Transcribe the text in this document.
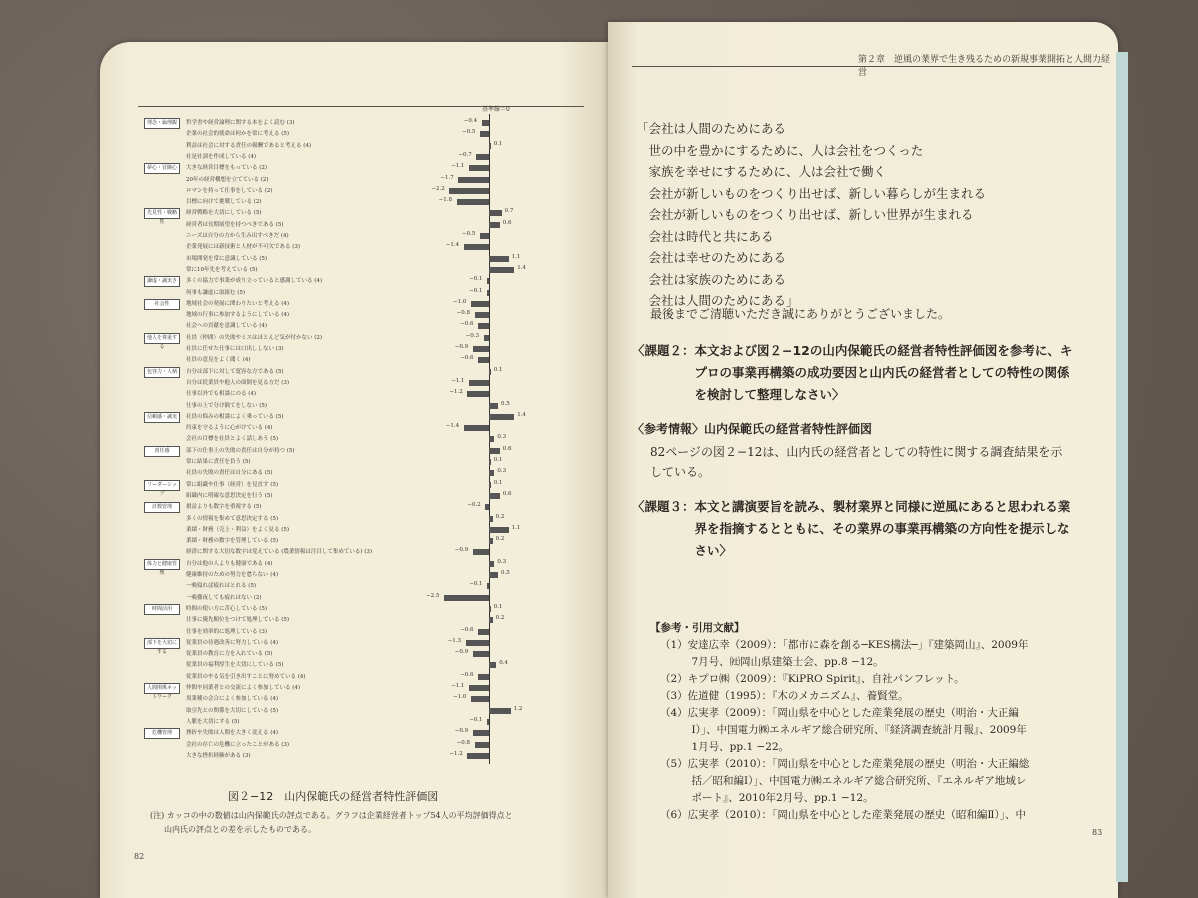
基準線＝0
理念・倫理観	哲学書や経営論理に関する本をよく読む (3)	−0.4
企業の社会的使命は何かを常に考える (5)	−0.5
利益は社会に対する責任の報酬であると考える (4)	0.1
社是社訓を作成している (4)	−0.7
夢心・冒険心	大きな経営目標をもっている (2)	−1.1
20年の経営構想を立てている (2)	−1.7
ロマンを持って仕事をしている (2)	−2.2
目標に向けて挑戦している (2)	−1.8
先見性・戦略性
経営戦略を大切にしている (5)	0.7
経営者は長期展望を持つべきである (5)	0.6
ニーズは自分の方から生み出すべきだ (4)	−0.5
企業発展には新技術と人材が不可欠である (3)	−1.4
市場開発を常に意識している (5)	1.1
常に10年先を考えている (5)	1.4
謙虚・誠実さ	多くの協力で事業が成り立っていると感謝している (4)	−0.1
何事も謙虚に取組む (5)	−0.1
社会性	地域社会の発展に関わりたいと考える (4)	−1.0
地域の行事に参加するようにしている (4)	−0.8
社会への貢献を意識している (4)	−0.6
他人を尊重する
社員（仲間）の失敗やミスはほとんど気が付かない (2)	−0.3
社員に任せた仕事には口出ししない (3)	−0.9
社員の意見をよく聞く (4)	−0.6
包容力・人柄	自分は部下に対して寛容な方である (5)	0.1
自分は従業員や他人の面倒を見る方だ (3)	−1.1
仕事以外でも相談にのる (4)	−1.2
仕事の上で分け隔てをしない (5)	0.5
信頼感・誠実	社員の悩みの相談によく乗っている (5)	1.4
約束を守るように心がけている (4)	−1.4
会社の目標を社員とよく話しあう (5)	0.3
責任感	部下の仕事上の失敗の責任は自分が持つ (5)	0.6
常に結果に責任を負う (5)	0.1
社員の失敗の責任は自分にある (5)	0.3
リーダーシップ
常に組織や仕事（経営）を見直す (5)	0.1
組織内に明確な意思決定を行う (5)	0.6
計数管理	損益よりも数字を重視する (5)	−0.2
多くの情報を集めて意思決定する (5)	0.2
業績・財務（売上・利益）をよく見る (5)	1.1
業績・財務の数字を管理している (5)	0.2
経済に関する大切な数字は覚えている (農業情報は注目して集めている) (3)	−0.9
体力と健康管理
自分は他の人よりも健康である (4)	0.3
健康維持のための努力を怠らない (4)	0.5
一晩寝れば疲れはとれる (5)	−0.1
一晩徹夜しても疲れはない (2)	−2.5
時間活用	時間の使い方に苦心している (5)	0.1
仕事に優先順位をつけて処理している (5)	0.2
仕事を効率的に処理している (3)	−0.6
部下を大切にする
従業員の待遇改善に努力している (4)	−1.3
従業員の教育に力を入れている (5)	−0.9
従業員の福利厚生を大切にしている (5)	0.4
従業員のやる気を引き出すことに努めている (4)	−0.6
人間関係ネットワーク
仲間や同業者との交流によく参加している (4)	−1.1
異業種の会合によく参加している (4)	−1.0
取引先との関係を大切にしている (5)	1.2
人脈を大切にする (5)	−0.1
危機管理	挫折や失敗は人間を大きく変える (4)	−0.9
会社の存亡の危機に立ったことがある (3)	−0.8
大きな挫折経験がある (3)	−1.2
図２−12　山内保範氏の経営者特性評価図
(注) カッコの中の数値は山内保範氏の評点である。グラフは企業経営者トップ54人の平均評価得点と
山内氏の評点との差を示したものである。
82
第２章　逆風の業界で生き残るための新規事業開拓と人間力経営
「会社は人間のためにある
　世の中を豊かにするために、人は会社をつくった
　家族を幸せにするために、人は会社で働く
　会社が新しいものをつくり出せば、新しい暮らしが生まれる
　会社が新しいものをつくり出せば、新しい世界が生まれる
　会社は時代と共にある
　会社は幸せのためにある
　会社は家族のためにある
　会社は人間のためにある」
　最後までご清聴いただき誠にありがとうございました。
〈課題２：本文および図２−12の山内保範氏の経営者特性評価図を参考に、キ
　　　　　プロの事業再構築の成功要因と山内氏の経営者としての特性の関係
　　　　　を検討して整理しなさい〉
〈参考情報〉山内保範氏の経営者特性評価図
　82ページの図２−12は、山内氏の経営者としての特性に関する調査結果を示
　している。
〈課題３：本文と講演要旨を読み、製材業界と同様に逆風にあると思われる業
　　　　　界を指摘するとともに、その業界の事業再構築の方向性を提示しな
　　　　　さい〉
【参考・引用文献】
（1）安達広幸（2009）：「都市に森を創る─KES構法─」『建築岡山』、2009年
　　　7月号、㈳岡山県建築士会、pp.8 −12。
（2）キプロ㈱（2009）：『KiPRO Spirit』、自社パンフレット。
（3）佐道健（1995）：『木のメカニズム』、養賢堂。
（4）広実孝（2009）：「岡山県を中心とした産業発展の歴史（明治・大正編
　　　Ⅰ）」、中国電力㈱エネルギア総合研究所、『経済調査統計月報』、2009年
　　　1月号、pp.1 −22。
（5）広実孝（2010）：「岡山県を中心とした産業発展の歴史（明治・大正編総
　　　括／昭和編Ⅰ）」、中国電力㈱エネルギア総合研究所、『エネルギア地域レ
　　　ポート』、2010年2月号、pp.1 −12。
（6）広実孝（2010）：「岡山県を中心とした産業発展の歴史（昭和編Ⅱ）」、中
83
